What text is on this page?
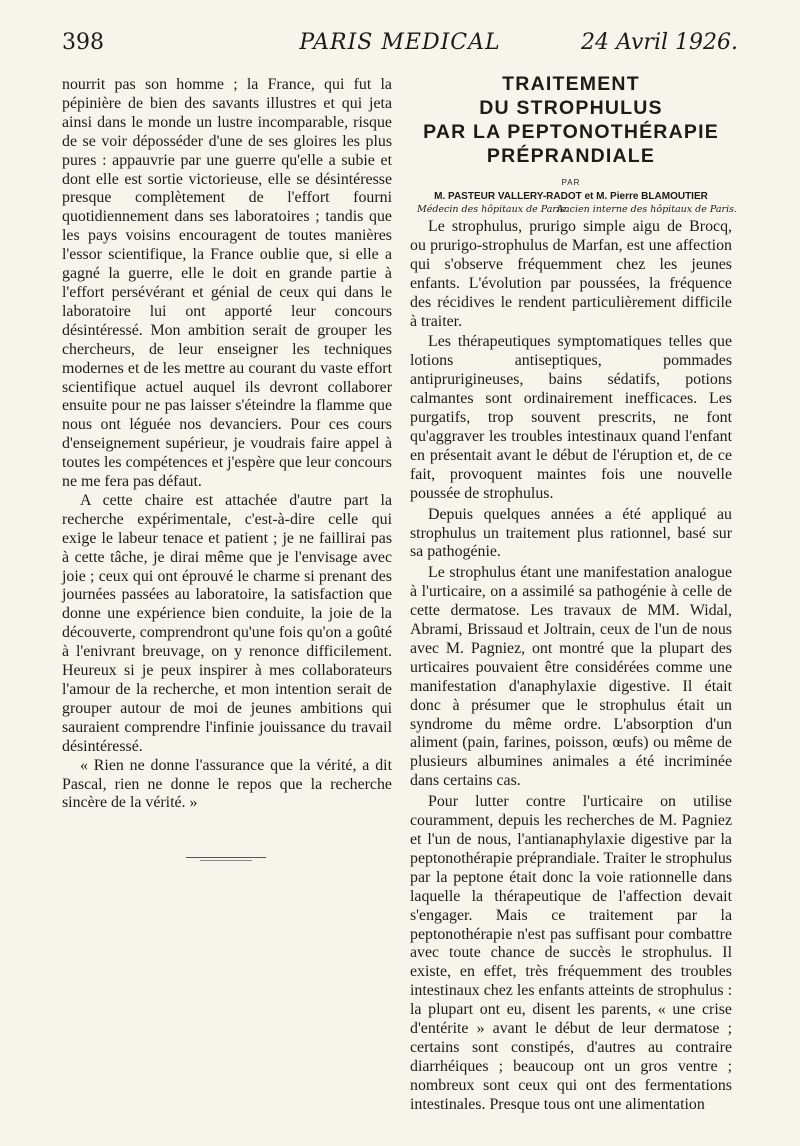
398	PARIS MEDICAL	24 Avril 1926.

nourrit pas son homme ; la France, qui fut la pépinière de bien des savants illustres et qui jeta ainsi dans le monde un lustre incomparable, risque de se voir déposséder d'une de ses gloires les plus pures : appauvrie par une guerre qu'elle a subie et dont elle est sortie victorieuse, elle se désintéresse presque complètement de l'effort fourni quotidiennement dans ses laboratoires ; tandis que les pays voisins encouragent de toutes manières l'essor scientifique, la France oublie que, si elle a gagné la guerre, elle le doit en grande partie à l'effort persévérant et génial de ceux qui dans le laboratoire lui ont apporté leur concours désintéressé. Mon ambition serait de grouper les chercheurs, de leur enseigner les techniques modernes et de les mettre au courant du vaste effort scientifique actuel auquel ils devront collaborer ensuite pour ne pas laisser s'éteindre la flamme que nous ont léguée nos devanciers. Pour ces cours d'enseignement supérieur, je voudrais faire appel à toutes les compétences et j'espère que leur concours ne me fera pas défaut.

A cette chaire est attachée d'autre part la recherche expérimentale, c'est-à-dire celle qui exige le labeur tenace et patient ; je ne faillirai pas à cette tâche, je dirai même que je l'envisage avec joie ; ceux qui ont éprouvé le charme si prenant des journées passées au laboratoire, la satisfaction que donne une expérience bien conduite, la joie de la découverte, comprendront qu'une fois qu'on a goûté à l'enivrant breuvage, on y renonce difficilement. Heureux si je peux inspirer à mes collaborateurs l'amour de la recherche, et mon intention serait de grouper autour de moi de jeunes ambitions qui sauraient comprendre l'infinie jouissance du travail désintéressé.

« Rien ne donne l'assurance que la vérité, a dit Pascal, rien ne donne le repos que la recherche sincère de la vérité. »

TRAITEMENT
DU STROPHULUS
PAR LA PEPTONOTHÉRAPIE
PRÉPRANDIALE
PAR
M. PASTEUR VALLERY-RADOT et M. Pierre BLAMOUTIER
Médecin des hôpitaux de Paris.
Ancien interne des hôpitaux de Paris.

Le strophulus, prurigo simple aigu de Brocq, ou prurigo-strophulus de Marfan, est une affection qui s'observe fréquemment chez les jeunes enfants. L'évolution par poussées, la fréquence des récidives le rendent particulièrement difficile à traiter.

Les thérapeutiques symptomatiques telles que lotions antiseptiques, pommades antiprurigineuses, bains sédatifs, potions calmantes sont ordinairement inefficaces. Les purgatifs, trop souvent prescrits, ne font qu'aggraver les troubles intestinaux quand l'enfant en présentait avant le début de l'éruption et, de ce fait, provoquent maintes fois une nouvelle poussée de strophulus.

Depuis quelques années a été appliqué au strophulus un traitement plus rationnel, basé sur sa pathogénie.

Le strophulus étant une manifestation analogue à l'urticaire, on a assimilé sa pathogénie à celle de cette dermatose. Les travaux de MM. Widal, Abrami, Brissaud et Joltrain, ceux de l'un de nous avec M. Pagniez, ont montré que la plupart des urticaires pouvaient être considérées comme une manifestation d'anaphylaxie digestive. Il était donc à présumer que le strophulus était un syndrome du même ordre. L'absorption d'un aliment (pain, farines, poisson, œufs) ou même de plusieurs albumines animales a été incriminée dans certains cas.

Pour lutter contre l'urticaire on utilise couramment, depuis les recherches de M. Pagniez et l'un de nous, l'antianaphylaxie digestive par la peptonothérapie préprandiale. Traiter le strophulus par la peptone était donc la voie rationnelle dans laquelle la thérapeutique de l'affection devait s'engager. Mais ce traitement par la peptonothérapie n'est pas suffisant pour combattre avec toute chance de succès le strophulus. Il existe, en effet, très fréquemment des troubles intestinaux chez les enfants atteints de strophulus : la plupart ont eu, disent les parents, « une crise d'entérite » avant le début de leur dermatose ; certains sont constipés, d'autres au contraire diarrhéiques ; beaucoup ont un gros ventre ; nombreux sont ceux qui ont des fermentations intestinales. Presque tous ont une alimentation
